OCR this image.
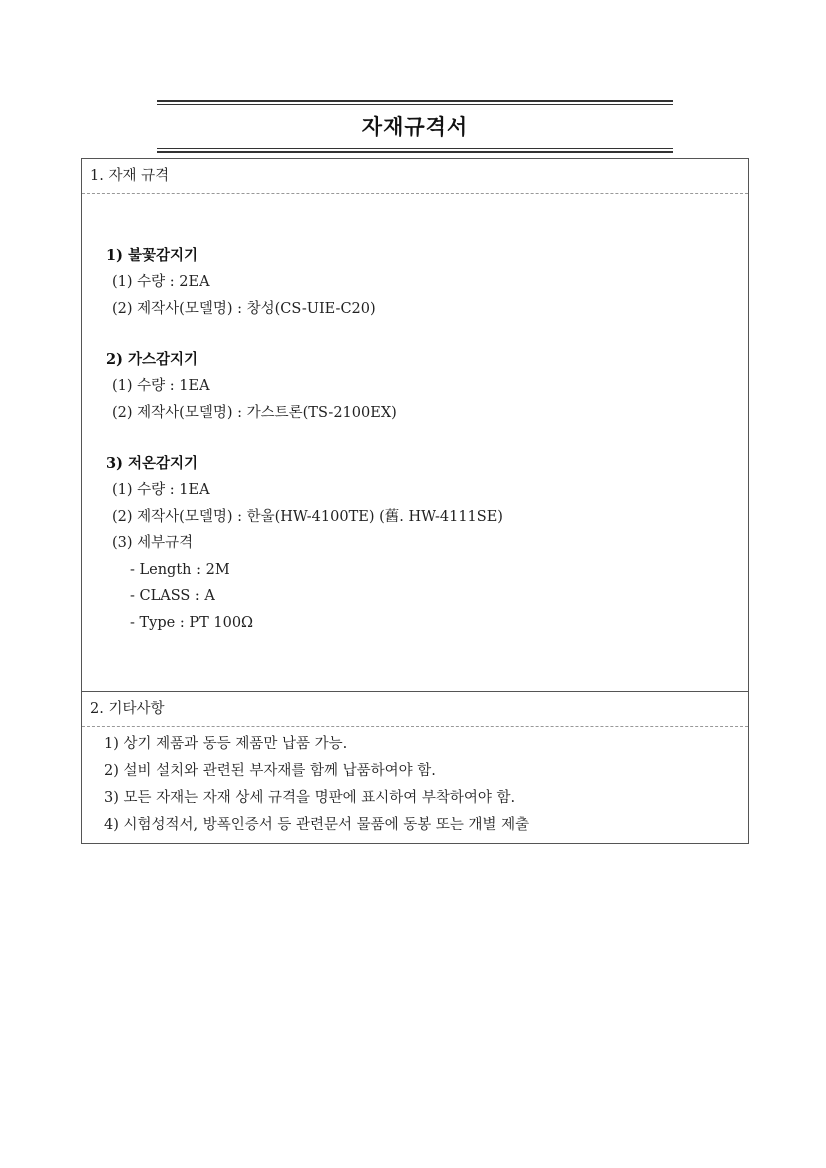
자재규격서
1. 자재 규격
1) 불꽃감지기
(1) 수량 : 2EA
(2) 제작사(모델명) : 창성(CS-UIE-C20)
2) 가스감지기
(1) 수량 : 1EA
(2) 제작사(모델명) : 가스트론(TS-2100EX)
3) 저온감지기
(1) 수량 : 1EA
(2) 제작사(모델명) : 한울(HW-4100TE) (舊. HW-4111SE)
(3) 세부규격
- Length : 2M
- CLASS : A
- Type : PT 100Ω
2. 기타사항
1) 상기 제품과 동등 제품만 납품 가능.
2) 설비 설치와 관련된 부자재를 함께 납품하여야 함.
3) 모든 자재는 자재 상세 규격을 명판에 표시하여 부착하여야 함.
4) 시험성적서, 방폭인증서 등 관련문서 물품에 동봉 또는 개별 제출
